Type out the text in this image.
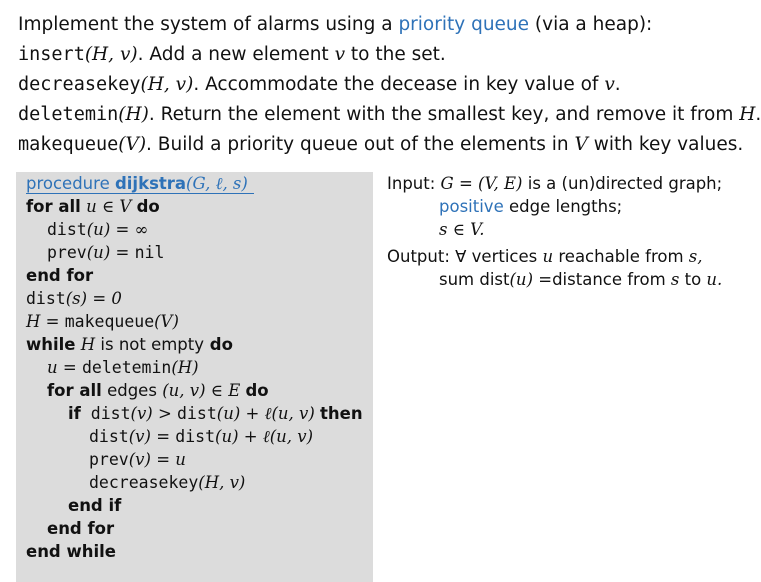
Implement the system of alarms using a priority queue (via a heap):
insert(H, v). Add a new element v to the set.
decreasekey(H, v). Accommodate the decease in key value of v.
deletemin(H). Return the element with the smallest key, and remove it from H.
makequeue(V). Build a priority queue out of the elements in V with key values.
procedure dijkstra(G, ℓ, s)
for all u ∈ V do
dist(u) = ∞
prev(u) = nil
end for
dist(s) = 0
H = makequeue(V)
while H is not empty do
u = deletemin(H)
for all edges (u, v) ∈ E do
if dist(v) > dist(u) + ℓ(u, v) then
dist(v) = dist(u) + ℓ(u, v)
prev(v) = u
decreasekey(H, v)
end if
end for
end while
Input: G = (V, E) is a (un)directed graph;
positive edge lengths;
s ∈ V.
Output: ∀ vertices u reachable from s,
sum dist(u) =distance from s to u.
